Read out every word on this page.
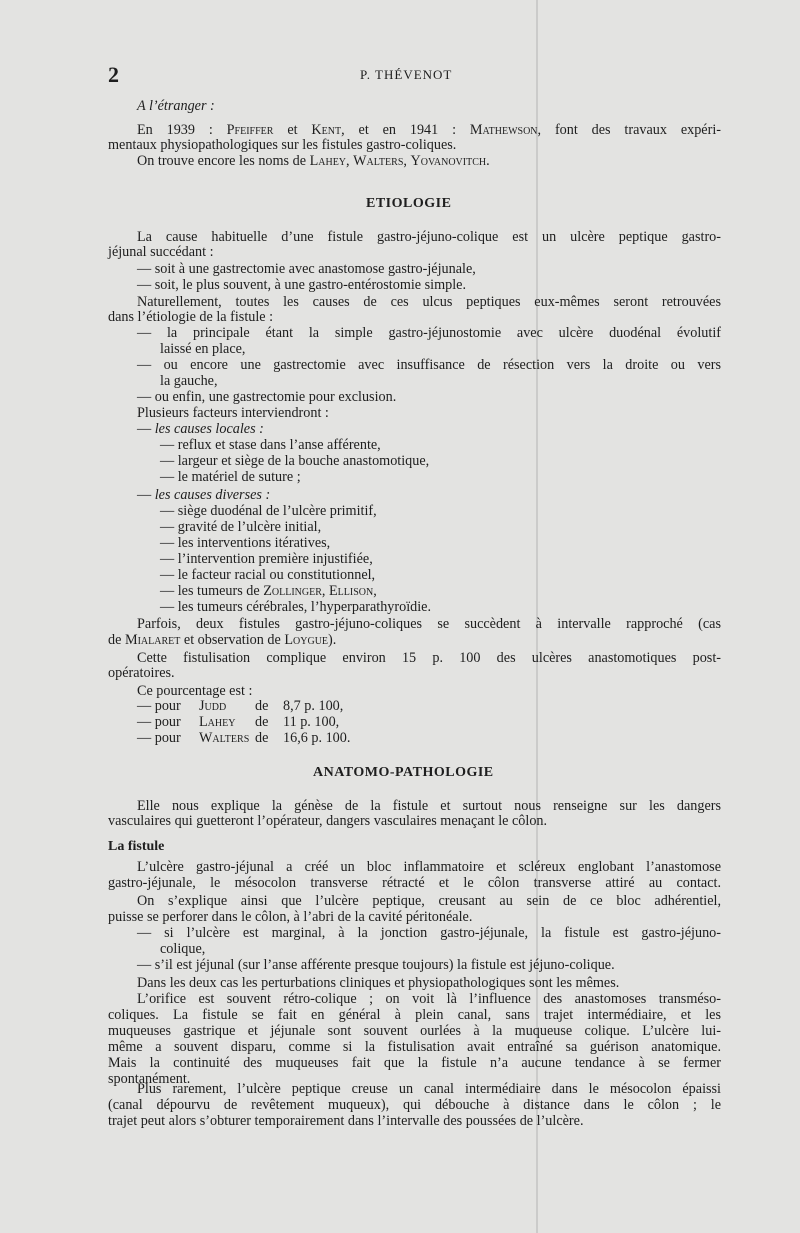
2	P. THÉVENOT
A l’étranger :
En 1939 : Pfeiffer et Kent, et en 1941 : Mathewson, font des travaux expéri-
mentaux physiopathologiques sur les fistules gastro-coliques.
On trouve encore les noms de Lahey, Walters, Yovanovitch.
ETIOLOGIE
La cause habituelle d’une fistule gastro-jéjuno-colique est un ulcère peptique gastro-
jéjunal succédant :
— soit à une gastrectomie avec anastomose gastro-jéjunale,
— soit, le plus souvent, à une gastro-entérostomie simple.
Naturellement, toutes les causes de ces ulcus peptiques eux-mêmes seront retrouvées
dans l’étiologie de la fistule :
— la principale étant la simple gastro-jéjunostomie avec ulcère duodénal évolutif
laissé en place,
— ou encore une gastrectomie avec insuffisance de résection vers la droite ou vers
la gauche,
— ou enfin, une gastrectomie pour exclusion.
Plusieurs facteurs interviendront :
— les causes locales :
— reflux et stase dans l’anse afférente,
— largeur et siège de la bouche anastomotique,
— le matériel de suture ;
— les causes diverses :
— siège duodénal de l’ulcère primitif,
— gravité de l’ulcère initial,
— les interventions itératives,
— l’intervention première injustifiée,
— le facteur racial ou constitutionnel,
— les tumeurs de Zollinger, Ellison,
— les tumeurs cérébrales, l’hyperparathyroïdie.
Parfois, deux fistules gastro-jéjuno-coliques se succèdent à intervalle rapproché (cas
de Mialaret et observation de Loygue).
Cette fistulisation complique environ 15 p. 100 des ulcères anastomotiques post-
opératoires.
Ce pourcentage est :
— pourJudd de 8,7 p. 100,
— pourLahey de 11 p. 100,
— pourWalters de 16,6 p. 100.
ANATOMO-PATHOLOGIE
Elle nous explique la génèse de la fistule et surtout nous renseigne sur les dangers
vasculaires qui guetteront l’opérateur, dangers vasculaires menaçant le côlon.
La fistule
L’ulcère gastro-jéjunal a créé un bloc inflammatoire et scléreux englobant l’anastomose
gastro-jéjunale, le mésocolon transverse rétracté et le côlon transverse attiré au contact.
On s’explique ainsi que l’ulcère peptique, creusant au sein de ce bloc adhérentiel,
puisse se perforer dans le côlon, à l’abri de la cavité péritonéale.
— si l’ulcère est marginal, à la jonction gastro-jéjunale, la fistule est gastro-jéjuno-
colique,
— s’il est jéjunal (sur l’anse afférente presque toujours) la fistule est jéjuno-colique.
Dans les deux cas les perturbations cliniques et physiopathologiques sont les mêmes.
L’orifice est souvent rétro-colique ; on voit là l’influence des anastomoses transméso-
coliques. La fistule se fait en général à plein canal, sans trajet intermédiaire, et les
muqueuses gastrique et jéjunale sont souvent ourlées à la muqueuse colique. L’ulcère lui-
même a souvent disparu, comme si la fistulisation avait entraîné sa guérison anatomique.
Mais la continuité des muqueuses fait que la fistule n’a aucune tendance à se fermer
spontanément.
Plus rarement, l’ulcère peptique creuse un canal intermédiaire dans le mésocolon épaissi
(canal dépourvu de revêtement muqueux), qui débouche à distance dans le côlon ; le
trajet peut alors s’obturer temporairement dans l’intervalle des poussées de l’ulcère.
